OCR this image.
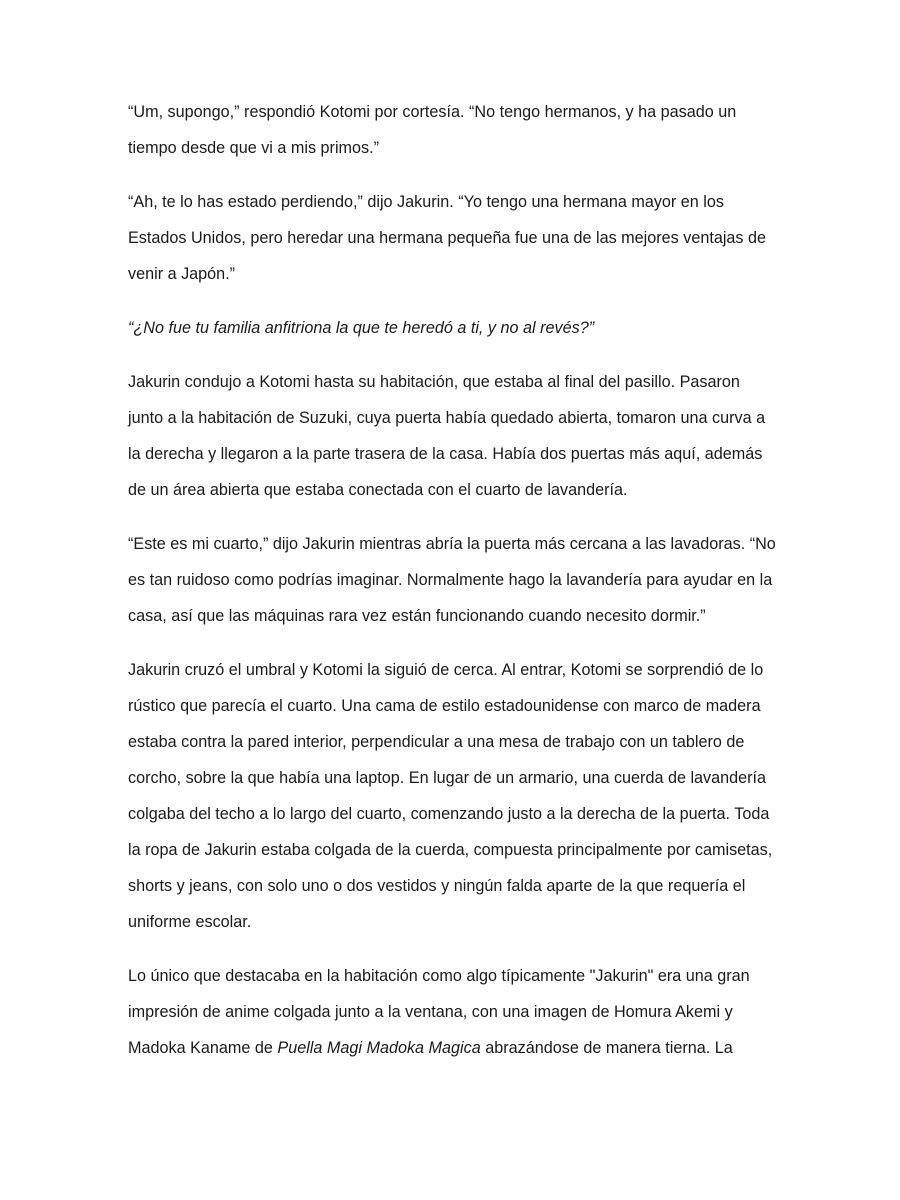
“Um, supongo,” respondió Kotomi por cortesía. “No tengo hermanos, y ha pasado un tiempo desde que vi a mis primos.”

“Ah, te lo has estado perdiendo,” dijo Jakurin. “Yo tengo una hermana mayor en los Estados Unidos, pero heredar una hermana pequeña fue una de las mejores ventajas de venir a Japón.”

“¿No fue tu familia anfitriona la que te heredó a ti, y no al revés?”

Jakurin condujo a Kotomi hasta su habitación, que estaba al final del pasillo. Pasaron junto a la habitación de Suzuki, cuya puerta había quedado abierta, tomaron una curva a la derecha y llegaron a la parte trasera de la casa. Había dos puertas más aquí, además de un área abierta que estaba conectada con el cuarto de lavandería.

“Este es mi cuarto,” dijo Jakurin mientras abría la puerta más cercana a las lavadoras. “No es tan ruidoso como podrías imaginar. Normalmente hago la lavandería para ayudar en la casa, así que las máquinas rara vez están funcionando cuando necesito dormir.”

Jakurin cruzó el umbral y Kotomi la siguió de cerca. Al entrar, Kotomi se sorprendió de lo rústico que parecía el cuarto. Una cama de estilo estadounidense con marco de madera estaba contra la pared interior, perpendicular a una mesa de trabajo con un tablero de corcho, sobre la que había una laptop. En lugar de un armario, una cuerda de lavandería colgaba del techo a lo largo del cuarto, comenzando justo a la derecha de la puerta. Toda la ropa de Jakurin estaba colgada de la cuerda, compuesta principalmente por camisetas, shorts y jeans, con solo uno o dos vestidos y ningún falda aparte de la que requería el uniforme escolar.

Lo único que destacaba en la habitación como algo típicamente "Jakurin" era una gran impresión de anime colgada junto a la ventana, con una imagen de Homura Akemi y Madoka Kaname de Puella Magi Madoka Magica abrazándose de manera tierna. La
